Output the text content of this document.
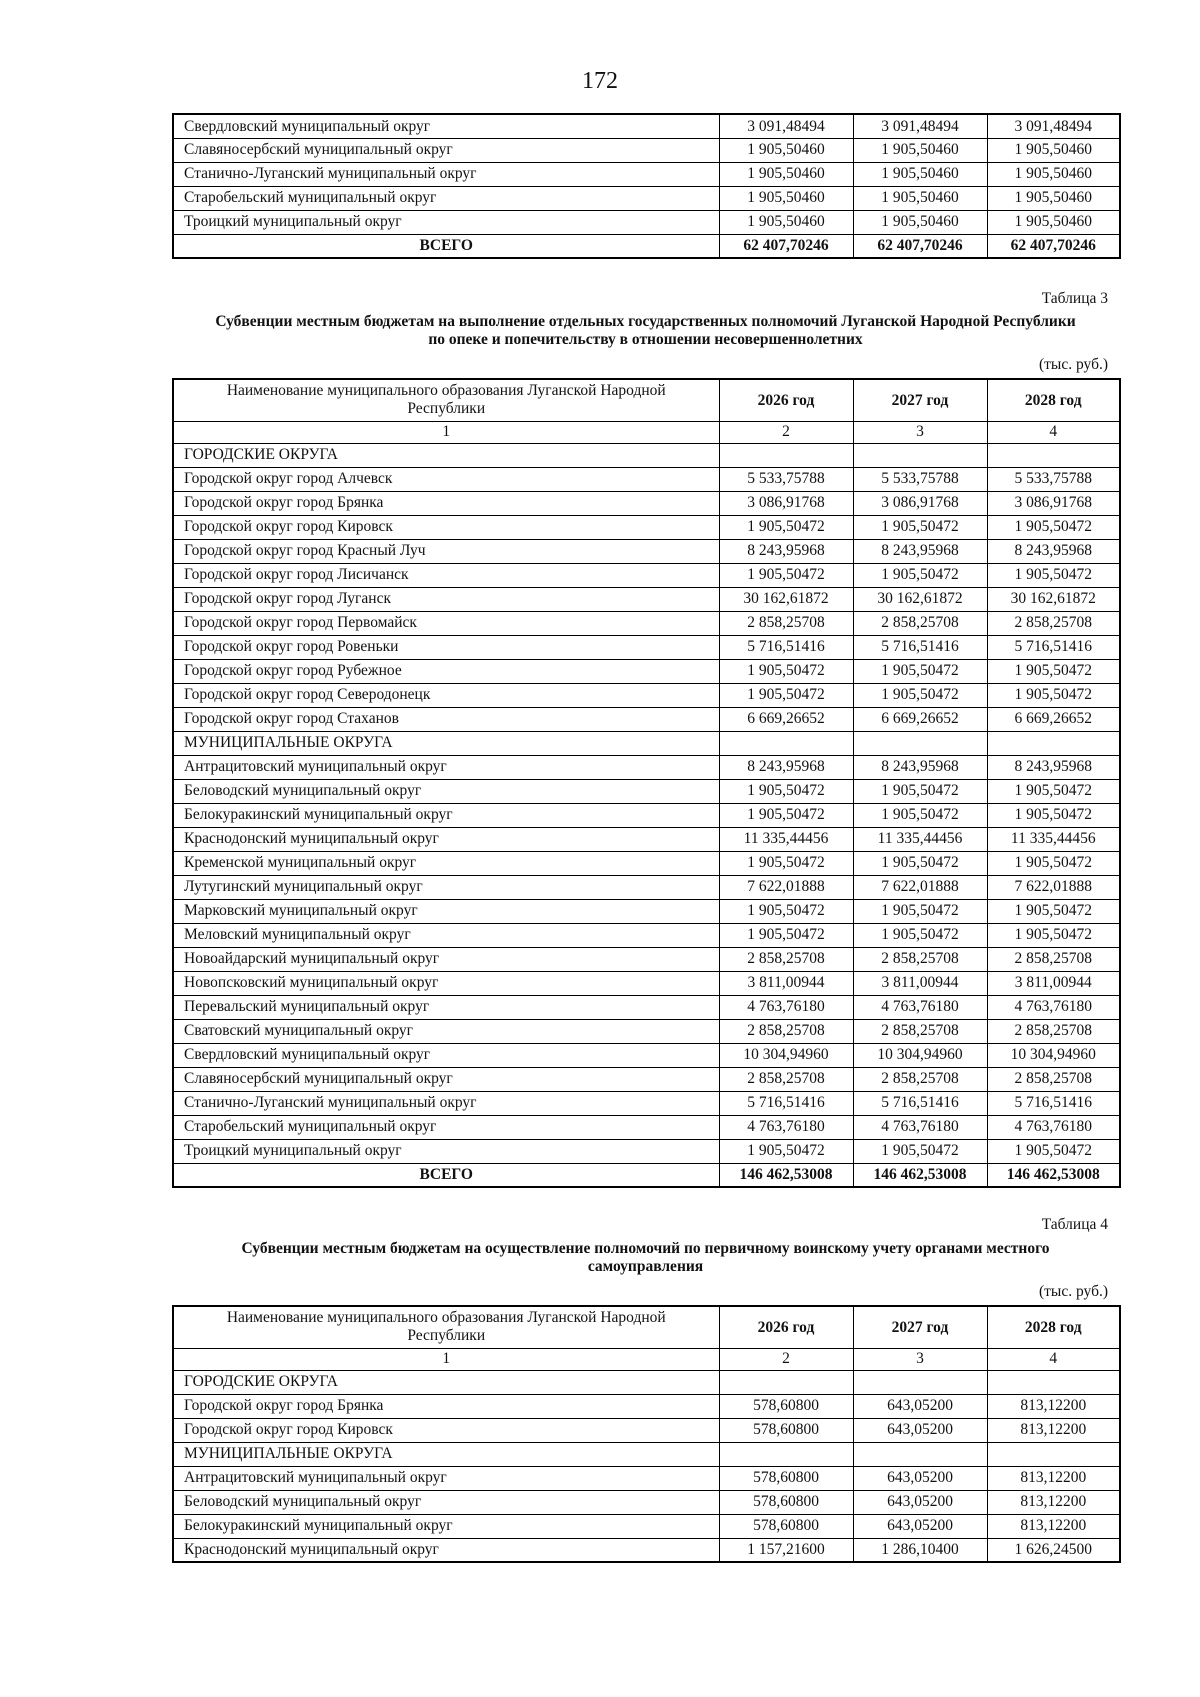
172
Свердловский муниципальный округ	3 091,48494	3 091,48494	3 091,48494
Славяносербский муниципальный округ	1 905,50460	1 905,50460	1 905,50460
Станично-Луганский муниципальный округ	1 905,50460	1 905,50460	1 905,50460
Старобельский муниципальный округ	1 905,50460	1 905,50460	1 905,50460
Троицкий муниципальный округ	1 905,50460	1 905,50460	1 905,50460
ВСЕГО	62 407,70246	62 407,70246	62 407,70246
Таблица 3
Субвенции местным бюджетам на выполнение отдельных государственных полномочий Луганской Народной Республики
по опеке и попечительству в отношении несовершеннолетних
(тыс. руб.)
Наименование муниципального образования Луганской Народной Республики	2026 год	2027 год	2028 год
1	2	3	4
ГОРОДСКИЕ ОКРУГА			
Городской округ город Алчевск	5 533,75788	5 533,75788	5 533,75788
Городской округ город Брянка	3 086,91768	3 086,91768	3 086,91768
Городской округ город Кировск	1 905,50472	1 905,50472	1 905,50472
Городской округ город Красный Луч	8 243,95968	8 243,95968	8 243,95968
Городской округ город Лисичанск	1 905,50472	1 905,50472	1 905,50472
Городской округ город Луганск	30 162,61872	30 162,61872	30 162,61872
Городской округ город Первомайск	2 858,25708	2 858,25708	2 858,25708
Городской округ город Ровеньки	5 716,51416	5 716,51416	5 716,51416
Городской округ город Рубежное	1 905,50472	1 905,50472	1 905,50472
Городской округ город Северодонецк	1 905,50472	1 905,50472	1 905,50472
Городской округ город Стаханов	6 669,26652	6 669,26652	6 669,26652
МУНИЦИПАЛЬНЫЕ ОКРУГА			
Антрацитовский муниципальный округ	8 243,95968	8 243,95968	8 243,95968
Беловодский муниципальный округ	1 905,50472	1 905,50472	1 905,50472
Белокуракинский муниципальный округ	1 905,50472	1 905,50472	1 905,50472
Краснодонский муниципальный округ	11 335,44456	11 335,44456	11 335,44456
Кременской муниципальный округ	1 905,50472	1 905,50472	1 905,50472
Лутугинский муниципальный округ	7 622,01888	7 622,01888	7 622,01888
Марковский муниципальный округ	1 905,50472	1 905,50472	1 905,50472
Меловский муниципальный округ	1 905,50472	1 905,50472	1 905,50472
Новоайдарский муниципальный округ	2 858,25708	2 858,25708	2 858,25708
Новопсковский муниципальный округ	3 811,00944	3 811,00944	3 811,00944
Перевальский муниципальный округ	4 763,76180	4 763,76180	4 763,76180
Сватовский муниципальный округ	2 858,25708	2 858,25708	2 858,25708
Свердловский муниципальный округ	10 304,94960	10 304,94960	10 304,94960
Славяносербский муниципальный округ	2 858,25708	2 858,25708	2 858,25708
Станично-Луганский муниципальный округ	5 716,51416	5 716,51416	5 716,51416
Старобельский муниципальный округ	4 763,76180	4 763,76180	4 763,76180
Троицкий муниципальный округ	1 905,50472	1 905,50472	1 905,50472
ВСЕГО	146 462,53008	146 462,53008	146 462,53008
Таблица 4
Субвенции местным бюджетам на осуществление полномочий по первичному воинскому учету органами местного
самоуправления
(тыс. руб.)
Наименование муниципального образования Луганской Народной Республики	2026 год	2027 год	2028 год
1	2	3	4
ГОРОДСКИЕ ОКРУГА			
Городской округ город Брянка	578,60800	643,05200	813,12200
Городской округ город Кировск	578,60800	643,05200	813,12200
МУНИЦИПАЛЬНЫЕ ОКРУГА			
Антрацитовский муниципальный округ	578,60800	643,05200	813,12200
Беловодский муниципальный округ	578,60800	643,05200	813,12200
Белокуракинский муниципальный округ	578,60800	643,05200	813,12200
Краснодонский муниципальный округ	1 157,21600	1 286,10400	1 626,24500
